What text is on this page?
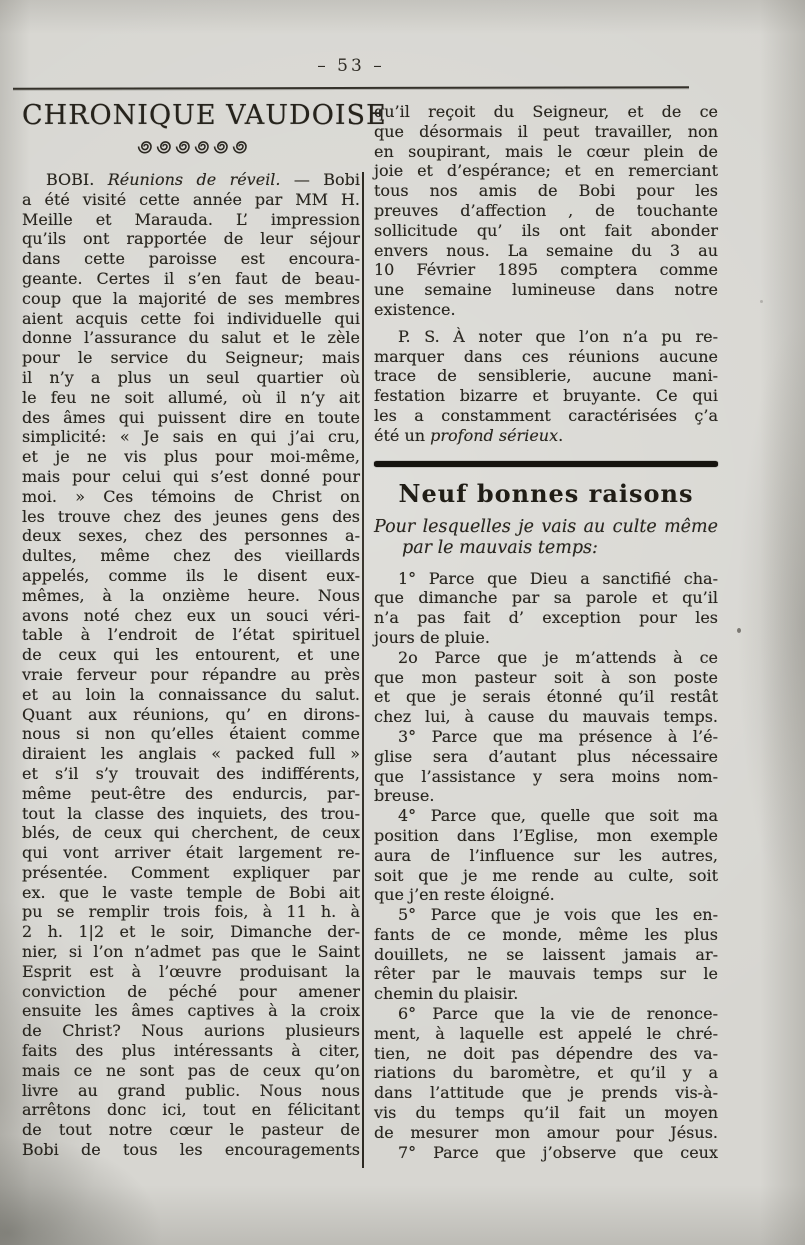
– 53 –
CHRONIQUE VAUDOISE
BOBI. Réunions de réveil. — Bobi
a été visité cette année par MM H.
Meille et Marauda. L’ impression
qu’ils ont rapportée de leur séjour
dans cette paroisse est encoura-
geante. Certes il s’en faut de beau-
coup que la majorité de ses membres
aient acquis cette foi individuelle qui
donne l’assurance du salut et le zèle
pour le service du Seigneur; mais
il n’y a plus un seul quartier où
le feu ne soit allumé, où il n’y ait
des âmes qui puissent dire en toute
simplicité: « Je sais en qui j’ai cru,
et je ne vis plus pour moi-même,
mais pour celui qui s’est donné pour
moi. » Ces témoins de Christ on
les trouve chez des jeunes gens des
deux sexes, chez des personnes a-
dultes, même chez des vieillards
appelés, comme ils le disent eux-
mêmes, à la onzième heure. Nous
avons noté chez eux un souci véri-
table à l’endroit de l’état spirituel
de ceux qui les entourent, et une
vraie ferveur pour répandre au près
et au loin la connaissance du salut.
Quant aux réunions, qu’ en dirons-
nous si non qu’elles étaient comme
diraient les anglais « packed full »
et s’il s’y trouvait des indifférents,
même peut-être des endurcis, par-
tout la classe des inquiets, des trou-
blés, de ceux qui cherchent, de ceux
qui vont arriver était largement re-
présentée. Comment expliquer par
ex. que le vaste temple de Bobi ait
pu se remplir trois fois, à 11 h. à
2 h. 1|2 et le soir, Dimanche der-
nier, si l’on n’admet pas que le Saint
Esprit est à l’œuvre produisant la
conviction de péché pour amener
ensuite les âmes captives à la croix
de Christ? Nous aurions plusieurs
faits des plus intéressants à citer,
mais ce ne sont pas de ceux qu’on
livre au grand public. Nous nous
arrêtons donc ici, tout en félicitant
de tout notre cœur le pasteur de
Bobi de tous les encouragements
qu’il reçoit du Seigneur, et de ce
que désormais il peut travailler, non
en soupirant, mais le cœur plein de
joie et d’espérance; et en remerciant
tous nos amis de Bobi pour les
preuves d’affection , de touchante
sollicitude qu’ ils ont fait abonder
envers nous. La semaine du 3 au
10 Février 1895 comptera comme
une semaine lumineuse dans notre
existence.
P. S. À noter que l’on n’a pu re-
marquer dans ces réunions aucune
trace de sensiblerie, aucune mani-
festation bizarre et bruyante. Ce qui
les a constamment caractérisées ç’a
été un profond sérieux.
Neuf bonnes raisons
Pour lesquelles je vais au culte même
par le mauvais temps:
1° Parce que Dieu a sanctifié cha-
que dimanche par sa parole et qu’il
n’a pas fait d’ exception pour les
jours de pluie.
2o Parce que je m’attends à ce
que mon pasteur soit à son poste
et que je serais étonné qu’il restât
chez lui, à cause du mauvais temps.
3° Parce que ma présence à l’é-
glise sera d’autant plus nécessaire
que l’assistance y sera moins nom-
breuse.
4° Parce que, quelle que soit ma
position dans l’Eglise, mon exemple
aura de l’influence sur les autres,
soit que je me rende au culte, soit
que j’en reste éloigné.
5° Parce que je vois que les en-
fants de ce monde, même les plus
douillets, ne se laissent jamais ar-
rêter par le mauvais temps sur le
chemin du plaisir.
6° Parce que la vie de renonce-
ment, à laquelle est appelé le chré-
tien, ne doit pas dépendre des va-
riations du baromètre, et qu’il y a
dans l’attitude que je prends vis-à-
vis du temps qu’il fait un moyen
de mesurer mon amour pour Jésus.
7° Parce que j’observe que ceux
